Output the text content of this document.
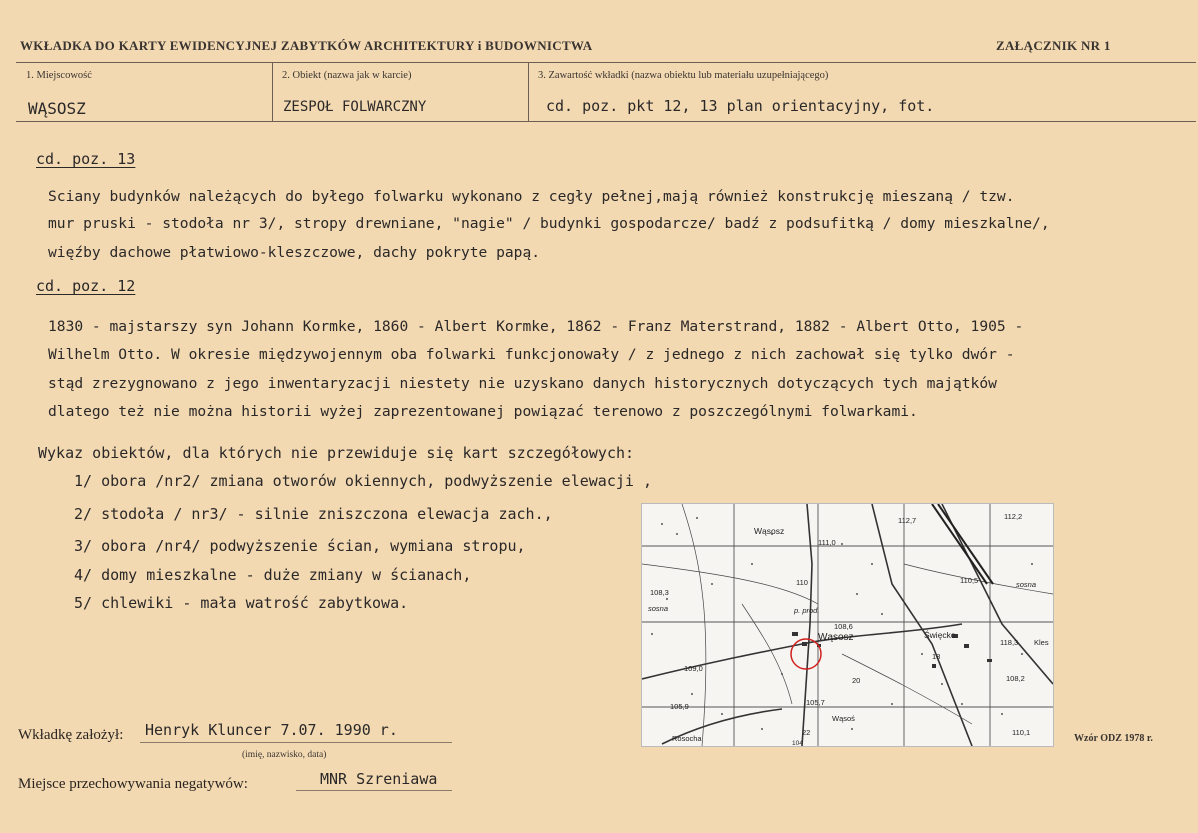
WKŁADKA DO KARTY EWIDENCYJNEJ ZABYTKÓW ARCHITEKTURY i BUDOWNICTWA	ZAŁĄCZNIK NR 1
1. Miejscowość
WĄSOSZ
2. Obiekt (nazwa jak w karcie)
ZESPOŁ FOLWARCZNY
3. Zawartość wkładki (nazwa obiektu lub materiału uzupełniającego)
cd. poz. pkt 12, 13 plan orientacyjny, fot.
cd. poz. 13
Sciany budynków należących do byłego folwarku wykonano z cegły pełnej,mają również konstrukcję mieszaną / tzw.
mur pruski - stodoła nr 3/, stropy drewniane, "nagie" / budynki gospodarcze/ badź z podsufitką / domy mieszkalne/,
więźby dachowe płatwiowo-kleszczowe, dachy pokryte papą.
cd. poz. 12
1830 - majstarszy syn Johann Kormke, 1860 - Albert Kormke, 1862 - Franz Materstrand, 1882 - Albert Otto, 1905 -
Wilhelm Otto. W okresie międzywojennym oba folwarki funkcjonowały / z jednego z nich zachował się tylko dwór -
stąd zrezygnowano z jego inwentaryzacji niestety nie uzyskano danych historycznych dotyczących tych majątków
dlatego też nie można historii wyżej zaprezentowanej powiązać terenowo z poszczególnymi folwarkami.
Wykaz obiektów, dla których nie przewiduje się kart szczegółowych:
1/ obora /nr2/ zmiana otworów okiennych, podwyższenie elewacji ,
2/ stodoła / nr3/ - silnie zniszczona elewacja zach.,
3/ obora /nr4/ podwyższenie ścian, wymiana stropu,
4/ domy mieszkalne - duże zmiany w ścianach,
5/ chlewiki - mała watrość zabytkowa.
112,7	112,2
Wąsosz
111,0
110	110,5	sosna
108,3
sosna	p. prod.
108,6
Wąsosz	Święcko
118,3 Kles
109,0
18
108,2
20
105,7
105,9
Wąsoś
22	110,1
Rosocha
104
Wkładkę założył: Henryk Kluncer 7.07. 1990 r.
(imię, nazwisko, data)
Miejsce przechowywania negatywów:	MNR Szreniawa
Wzór ODZ 1978 r.
